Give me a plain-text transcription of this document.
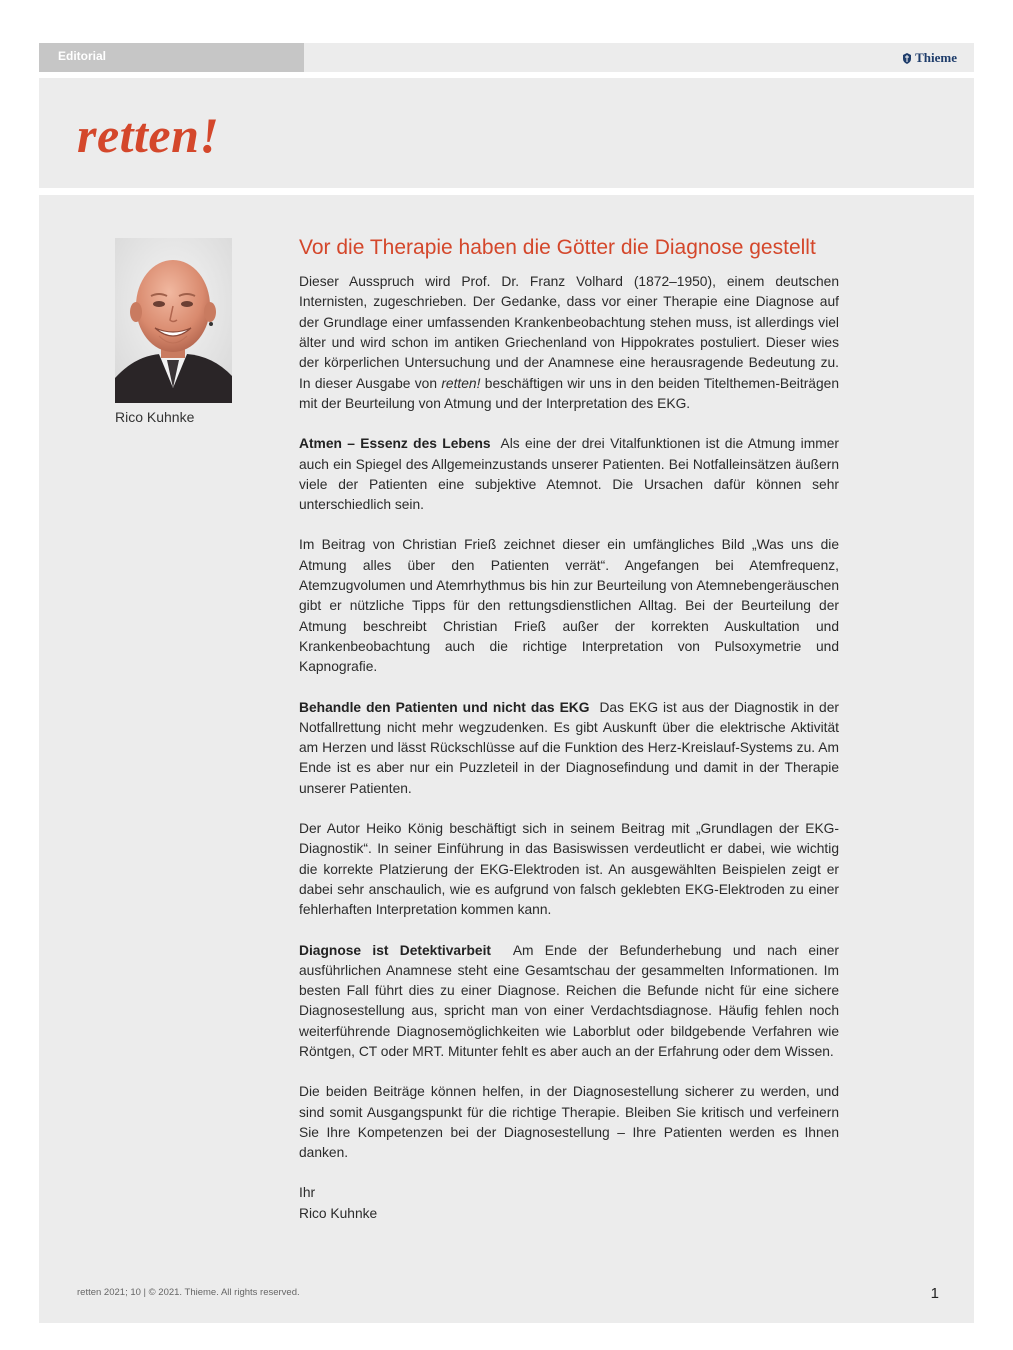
Editorial	Thieme
retten!
Rico Kuhnke
Vor die Therapie haben die Götter die Diagnose gestellt

Dieser Ausspruch wird Prof. Dr. Franz Volhard (1872–1950), einem deutschen Internisten, zugeschrieben. Der Gedanke, dass vor einer Therapie eine Diagnose auf der Grundlage einer umfassenden Krankenbeobachtung stehen muss, ist allerdings viel älter und wird schon im antiken Griechenland von Hippokrates postuliert. Dieser wies der körperlichen Untersuchung und der Anamnese eine herausragende Bedeutung zu. In dieser Ausgabe von retten! beschäftigen wir uns in den beiden Titelthemen-Beiträgen mit der Beurteilung von Atmung und der Interpretation des EKG.

Atmen – Essenz des Lebens Als eine der drei Vitalfunktionen ist die Atmung immer auch ein Spiegel des Allgemeinzustands unserer Patienten. Bei Notfalleinsätzen äußern viele der Patienten eine subjektive Atemnot. Die Ursachen dafür können sehr unterschiedlich sein.

Im Beitrag von Christian Frieß zeichnet dieser ein umfängliches Bild „Was uns die Atmung alles über den Patienten verrät“. Angefangen bei Atemfrequenz, Atemzugvolumen und Atemrhythmus bis hin zur Beurteilung von Atemnebengeräuschen gibt er nützliche Tipps für den rettungsdienstlichen Alltag. Bei der Beurteilung der Atmung beschreibt Christian Frieß außer der korrekten Auskultation und Krankenbeobachtung auch die richtige Interpretation von Pulsoxymetrie und Kapnografie.

Behandle den Patienten und nicht das EKG Das EKG ist aus der Diagnostik in der Notfallrettung nicht mehr wegzudenken. Es gibt Auskunft über die elektrische Aktivität am Herzen und lässt Rückschlüsse auf die Funktion des Herz-Kreislauf-Systems zu. Am Ende ist es aber nur ein Puzzleteil in der Diagnosefindung und damit in der Therapie unserer Patienten.

Der Autor Heiko König beschäftigt sich in seinem Beitrag mit „Grundlagen der EKG-Diagnostik“. In seiner Einführung in das Basiswissen verdeutlicht er dabei, wie wichtig die korrekte Platzierung der EKG-Elektroden ist. An ausgewählten Beispielen zeigt er dabei sehr anschaulich, wie es aufgrund von falsch geklebten EKG-Elektroden zu einer fehlerhaften Interpretation kommen kann.

Diagnose ist Detektivarbeit Am Ende der Befunderhebung und nach einer ausführlichen Anamnese steht eine Gesamtschau der gesammelten Informationen. Im besten Fall führt dies zu einer Diagnose. Reichen die Befunde nicht für eine sichere Diagnosestellung aus, spricht man von einer Verdachtsdiagnose. Häufig fehlen noch weiterführende Diagnosemöglichkeiten wie Laborblut oder bildgebende Verfahren wie Röntgen, CT oder MRT. Mitunter fehlt es aber auch an der Erfahrung oder dem Wissen.

Die beiden Beiträge können helfen, in der Diagnosestellung sicherer zu werden, und sind somit Ausgangspunkt für die richtige Therapie. Bleiben Sie kritisch und verfeinern Sie Ihre Kompetenzen bei der Diagnosestellung – Ihre Patienten werden es Ihnen danken.

Ihr

Rico Kuhnke

retten 2021; 10 | © 2021. Thieme. All rights reserved.	1
